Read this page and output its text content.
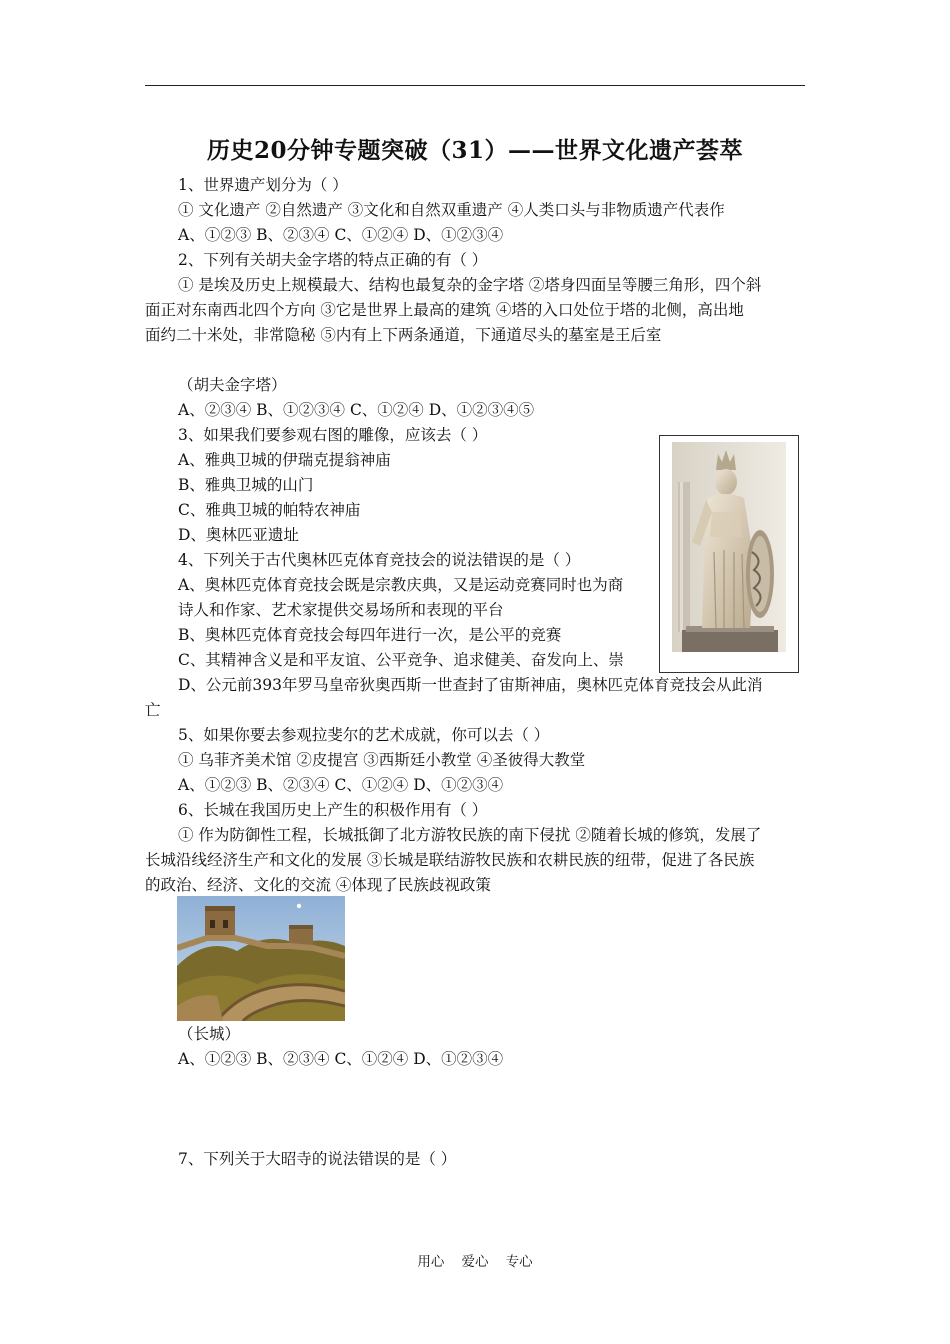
历史20分钟专题突破（31）——世界文化遗产荟萃
1、世界遗产划分为（ ）
① 文化遗产 ②自然遗产 ③文化和自然双重遗产 ④人类口头与非物质遗产代表作
A、①②③ B、②③④ C、①②④ D、①②③④
2、下列有关胡夫金字塔的特点正确的有（ ）
① 是埃及历史上规模最大、结构也最复杂的金字塔 ②塔身四面呈等腰三角形，四个斜
面正对东南西北四个方向 ③它是世界上最高的建筑 ④塔的入口处位于塔的北侧，高出地
面约二十米处，非常隐秘 ⑤内有上下两条通道，下通道尽头的墓室是王后室
（胡夫金字塔）
A、②③④ B、①②③④ C、①②④ D、①②③④⑤
3、如果我们要参观右图的雕像，应该去（ ）
A、雅典卫城的伊瑞克提翁神庙
B、雅典卫城的山门
C、雅典卫城的帕特农神庙
D、奥林匹亚遗址
4、下列关于古代奥林匹克体育竞技会的说法错误的是（ ）
A、奥林匹克体育竞技会既是宗教庆典，又是运动竞赛同时也为商
诗人和作家、艺术家提供交易场所和表现的平台
B、奥林匹克体育竞技会每四年进行一次，是公平的竞赛
C、其精神含义是和平友谊、公平竞争、追求健美、奋发向上、崇
D、公元前393年罗马皇帝狄奥西斯一世查封了宙斯神庙，奥林匹克体育竞技会从此消
亡
5、如果你要去参观拉斐尔的艺术成就，你可以去（ ）
① 乌菲齐美术馆 ②皮提宫 ③西斯廷小教堂 ④圣彼得大教堂
A、①②③ B、②③④ C、①②④ D、①②③④
6、长城在我国历史上产生的积极作用有（ ）
① 作为防御性工程，长城抵御了北方游牧民族的南下侵扰 ②随着长城的修筑，发展了
长城沿线经济生产和文化的发展 ③长城是联结游牧民族和农耕民族的纽带，促进了各民族
的政治、经济、文化的交流 ④体现了民族歧视政策
（长城）
A、①②③ B、②③④ C、①②④ D、①②③④
7、下列关于大昭寺的说法错误的是（ ）
用心    爱心    专心
